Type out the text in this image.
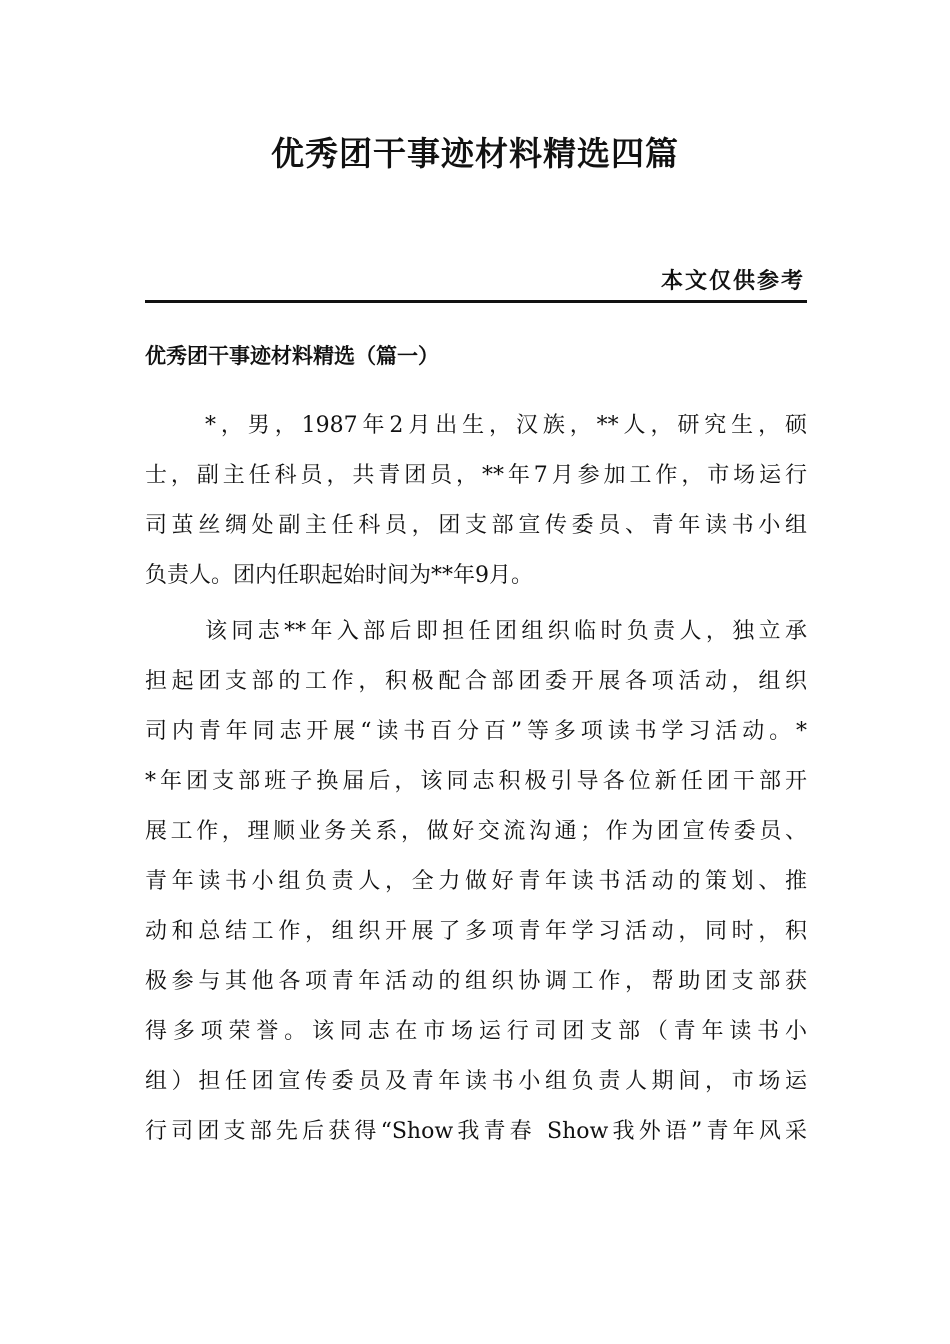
优秀团干事迹材料精选四篇
本文仅供参考
优秀团干事迹材料精选（篇一）
*，男，1987年2月出生，汉族，**人，研究生，硕
士，副主任科员，共青团员，**年7月参加工作，市场运行
司茧丝绸处副主任科员，团支部宣传委员、青年读书小组
负责人。团内任职起始时间为**年9月。
该同志**年入部后即担任团组织临时负责人，独立承
担起团支部的工作，积极配合部团委开展各项活动，组织
司内青年同志开展“读书百分百”等多项读书学习活动。*
*年团支部班子换届后，该同志积极引导各位新任团干部开
展工作，理顺业务关系，做好交流沟通；作为团宣传委员、
青年读书小组负责人，全力做好青年读书活动的策划、推
动和总结工作，组织开展了多项青年学习活动，同时，积
极参与其他各项青年活动的组织协调工作，帮助团支部获
得多项荣誉。该同志在市场运行司团支部（青年读书小
组）担任团宣传委员及青年读书小组负责人期间，市场运
行司团支部先后获得“Show我青春 Show我外语”青年风采
